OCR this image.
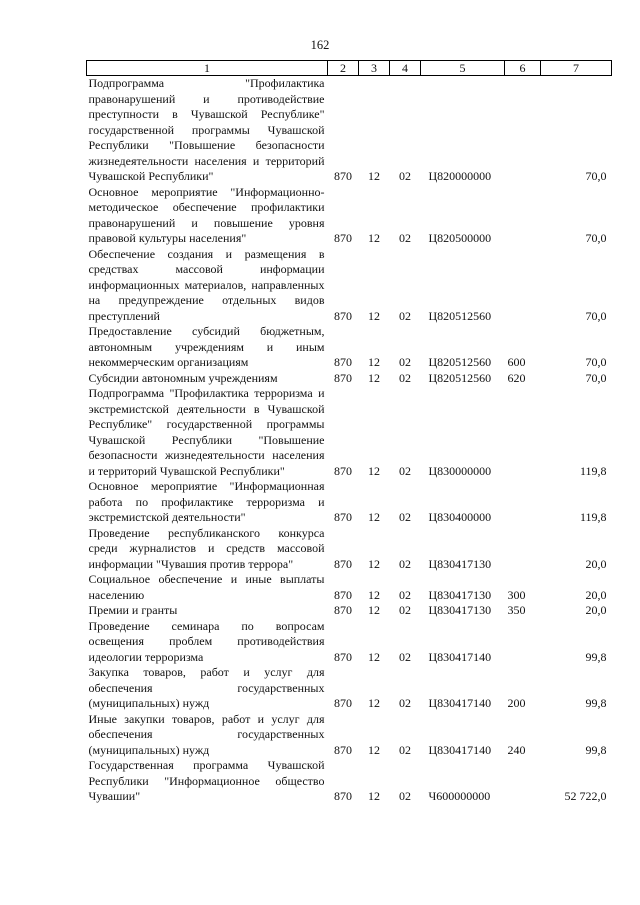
162
1	2	3	4	5	6	7
Подпрограмма "Профилактика правонарушений и противодействие преступности в Чувашской Республике" государственной программы Чувашской Республики "Повышение безопасности жизнедеятельности населения и территорий Чувашской Республики"	870	12	02	Ц820000000		70,0
Основное мероприятие "Информационно-методическое обеспечение профилактики правонарушений и повышение уровня правовой культуры населения"	870	12	02	Ц820500000		70,0
Обеспечение создания и размещения в средствах массовой информации информационных материалов, направленных на предупреждение отдельных видов преступлений	870	12	02	Ц820512560		70,0
Предоставление субсидий бюджетным, автономным учреждениям и иным некоммерческим организациям	870	12	02	Ц820512560	600	70,0
Субсидии автономным учреждениям	870	12	02	Ц820512560	620	70,0
Подпрограмма "Профилактика терроризма и экстремистской деятельности в Чувашской Республике" государственной программы Чувашской Республики "Повышение безопасности жизнедеятельности населения и территорий Чувашской Республики"	870	12	02	Ц830000000		119,8
Основное мероприятие "Информационная работа по профилактике терроризма и экстремистской деятельности"	870	12	02	Ц830400000		119,8
Проведение республиканского конкурса среди журналистов и средств массовой информации "Чувашия против террора"	870	12	02	Ц830417130		20,0
Социальное обеспечение и иные выплаты населению	870	12	02	Ц830417130	300	20,0
Премии и гранты	870	12	02	Ц830417130	350	20,0
Проведение семинара по вопросам освещения проблем противодействия идеологии терроризма	870	12	02	Ц830417140		99,8
Закупка товаров, работ и услуг для обеспечения государственных (муниципальных) нужд	870	12	02	Ц830417140	200	99,8
Иные закупки товаров, работ и услуг для обеспечения государственных (муниципальных) нужд	870	12	02	Ц830417140	240	99,8
Государственная программа Чувашской Республики "Информационное общество Чувашии"	870	12	02	Ч600000000		52 722,0
